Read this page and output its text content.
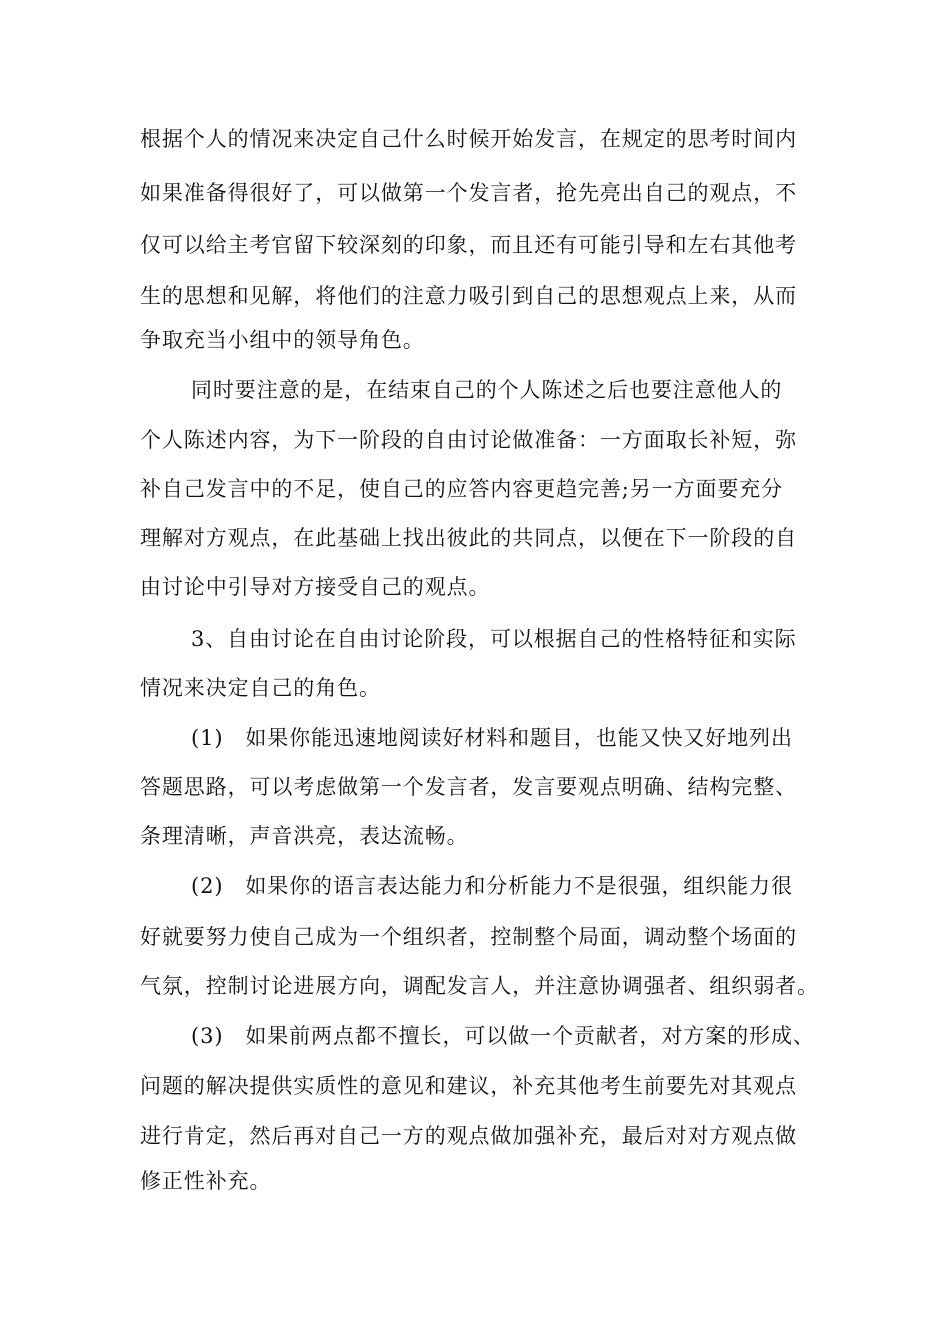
根据个人的情况来决定自己什么时候开始发言，在规定的思考时间内
如果准备得很好了，可以做第一个发言者，抢先亮出自己的观点，不
仅可以给主考官留下较深刻的印象，而且还有可能引导和左右其他考
生的思想和见解，将他们的注意力吸引到自己的思想观点上来，从而
争取充当小组中的领导角色。
同时要注意的是，在结束自己的个人陈述之后也要注意他人的
个人陈述内容，为下一阶段的自由讨论做准备：一方面取长补短，弥
补自己发言中的不足，使自己的应答内容更趋完善;另一方面要充分
理解对方观点，在此基础上找出彼此的共同点，以便在下一阶段的自
由讨论中引导对方接受自己的观点。
3、自由讨论在自由讨论阶段，可以根据自己的性格特征和实际
情况来决定自己的角色。
(1)　如果你能迅速地阅读好材料和题目，也能又快又好地列出
答题思路，可以考虑做第一个发言者，发言要观点明确、结构完整、
条理清晰，声音洪亮，表达流畅。
(2)　如果你的语言表达能力和分析能力不是很强，组织能力很
好就要努力使自己成为一个组织者，控制整个局面，调动整个场面的
气氛，控制讨论进展方向，调配发言人，并注意协调强者、组织弱者。
(3)　如果前两点都不擅长，可以做一个贡献者，对方案的形成、
问题的解决提供实质性的意见和建议，补充其他考生前要先对其观点
进行肯定，然后再对自己一方的观点做加强补充，最后对对方观点做
修正性补充。
